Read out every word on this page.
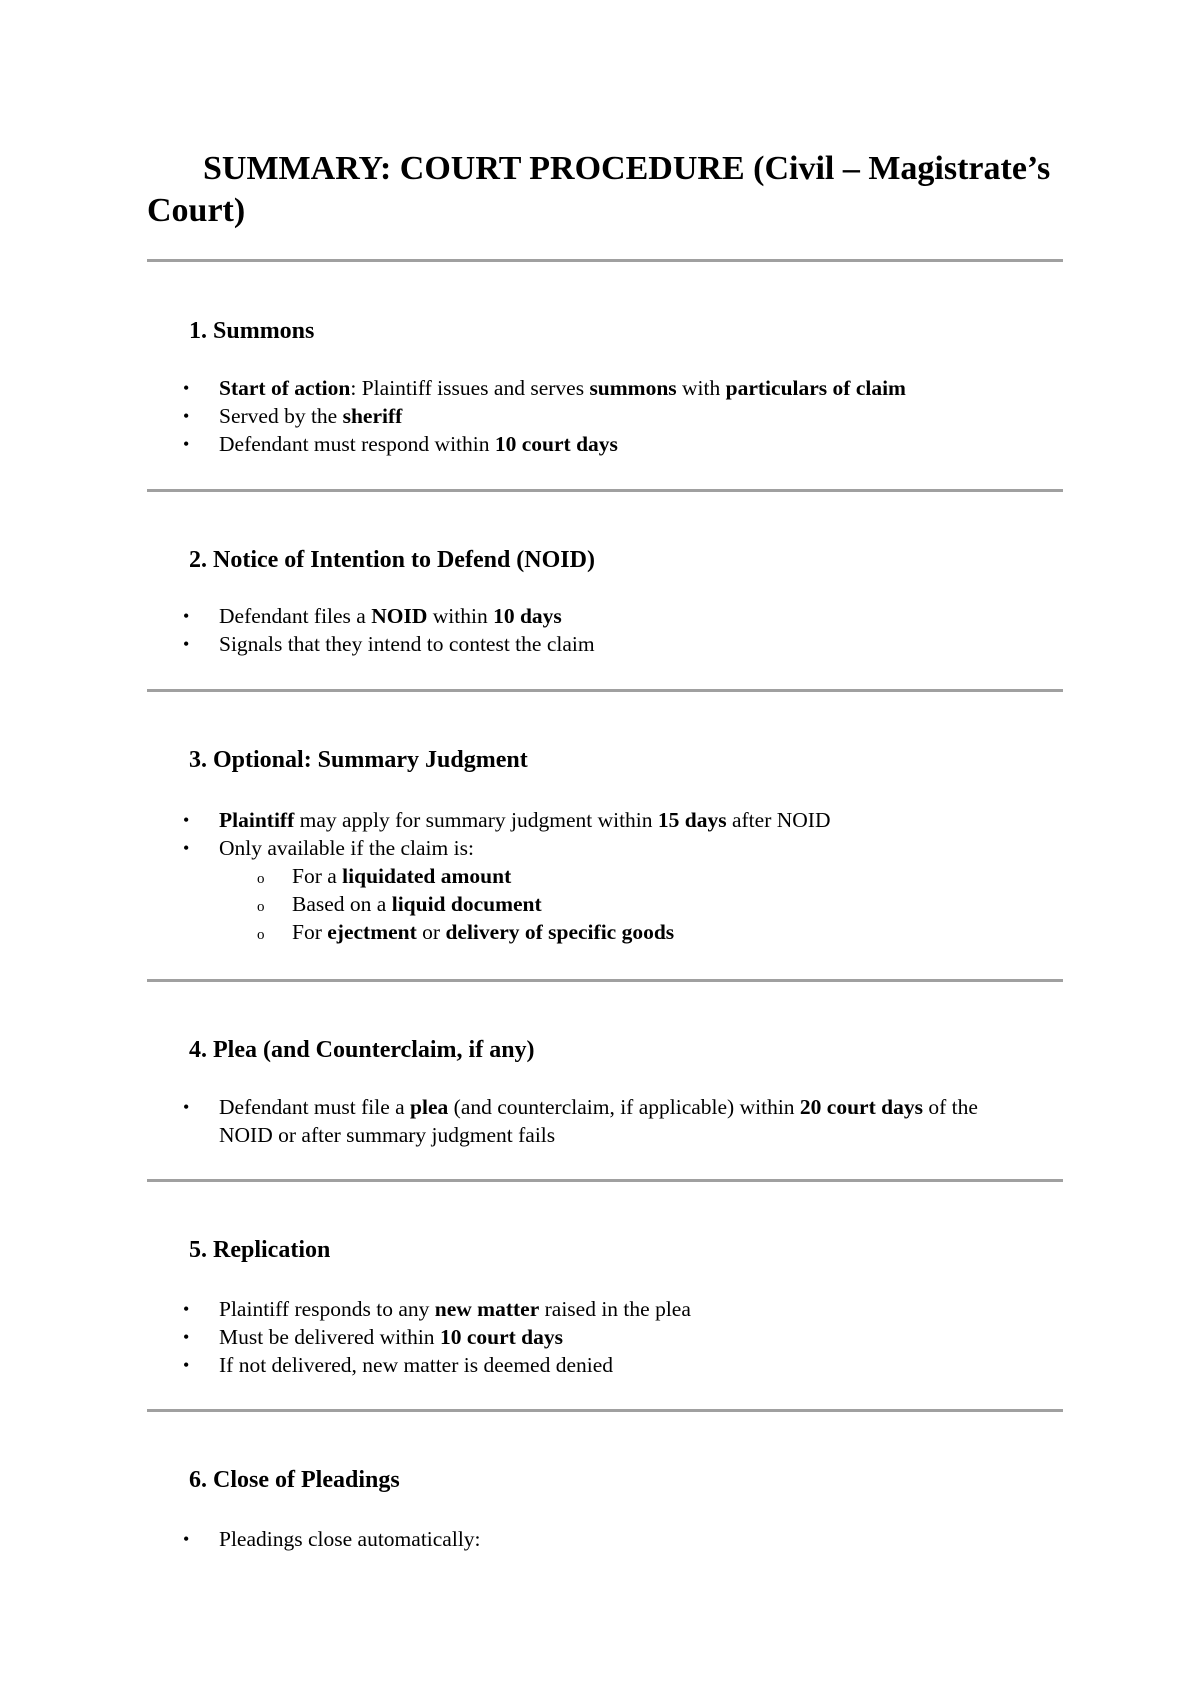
SUMMARY: COURT PROCEDURE (Civil – Magistrate’s Court)
1. Summons
• Start of action: Plaintiff issues and serves summons with particulars of claim
• Served by the sheriff
• Defendant must respond within 10 court days
2. Notice of Intention to Defend (NOID)
• Defendant files a NOID within 10 days
• Signals that they intend to contest the claim
3. Optional: Summary Judgment
• Plaintiff may apply for summary judgment within 15 days after NOID
• Only available if the claim is:
o For a liquidated amount
o Based on a liquid document
o For ejectment or delivery of specific goods
4. Plea (and Counterclaim, if any)
• Defendant must file a plea (and counterclaim, if applicable) within 20 court days of the NOID or after summary judgment fails
5. Replication
• Plaintiff responds to any new matter raised in the plea
• Must be delivered within 10 court days
• If not delivered, new matter is deemed denied
6. Close of Pleadings
• Pleadings close automatically:
